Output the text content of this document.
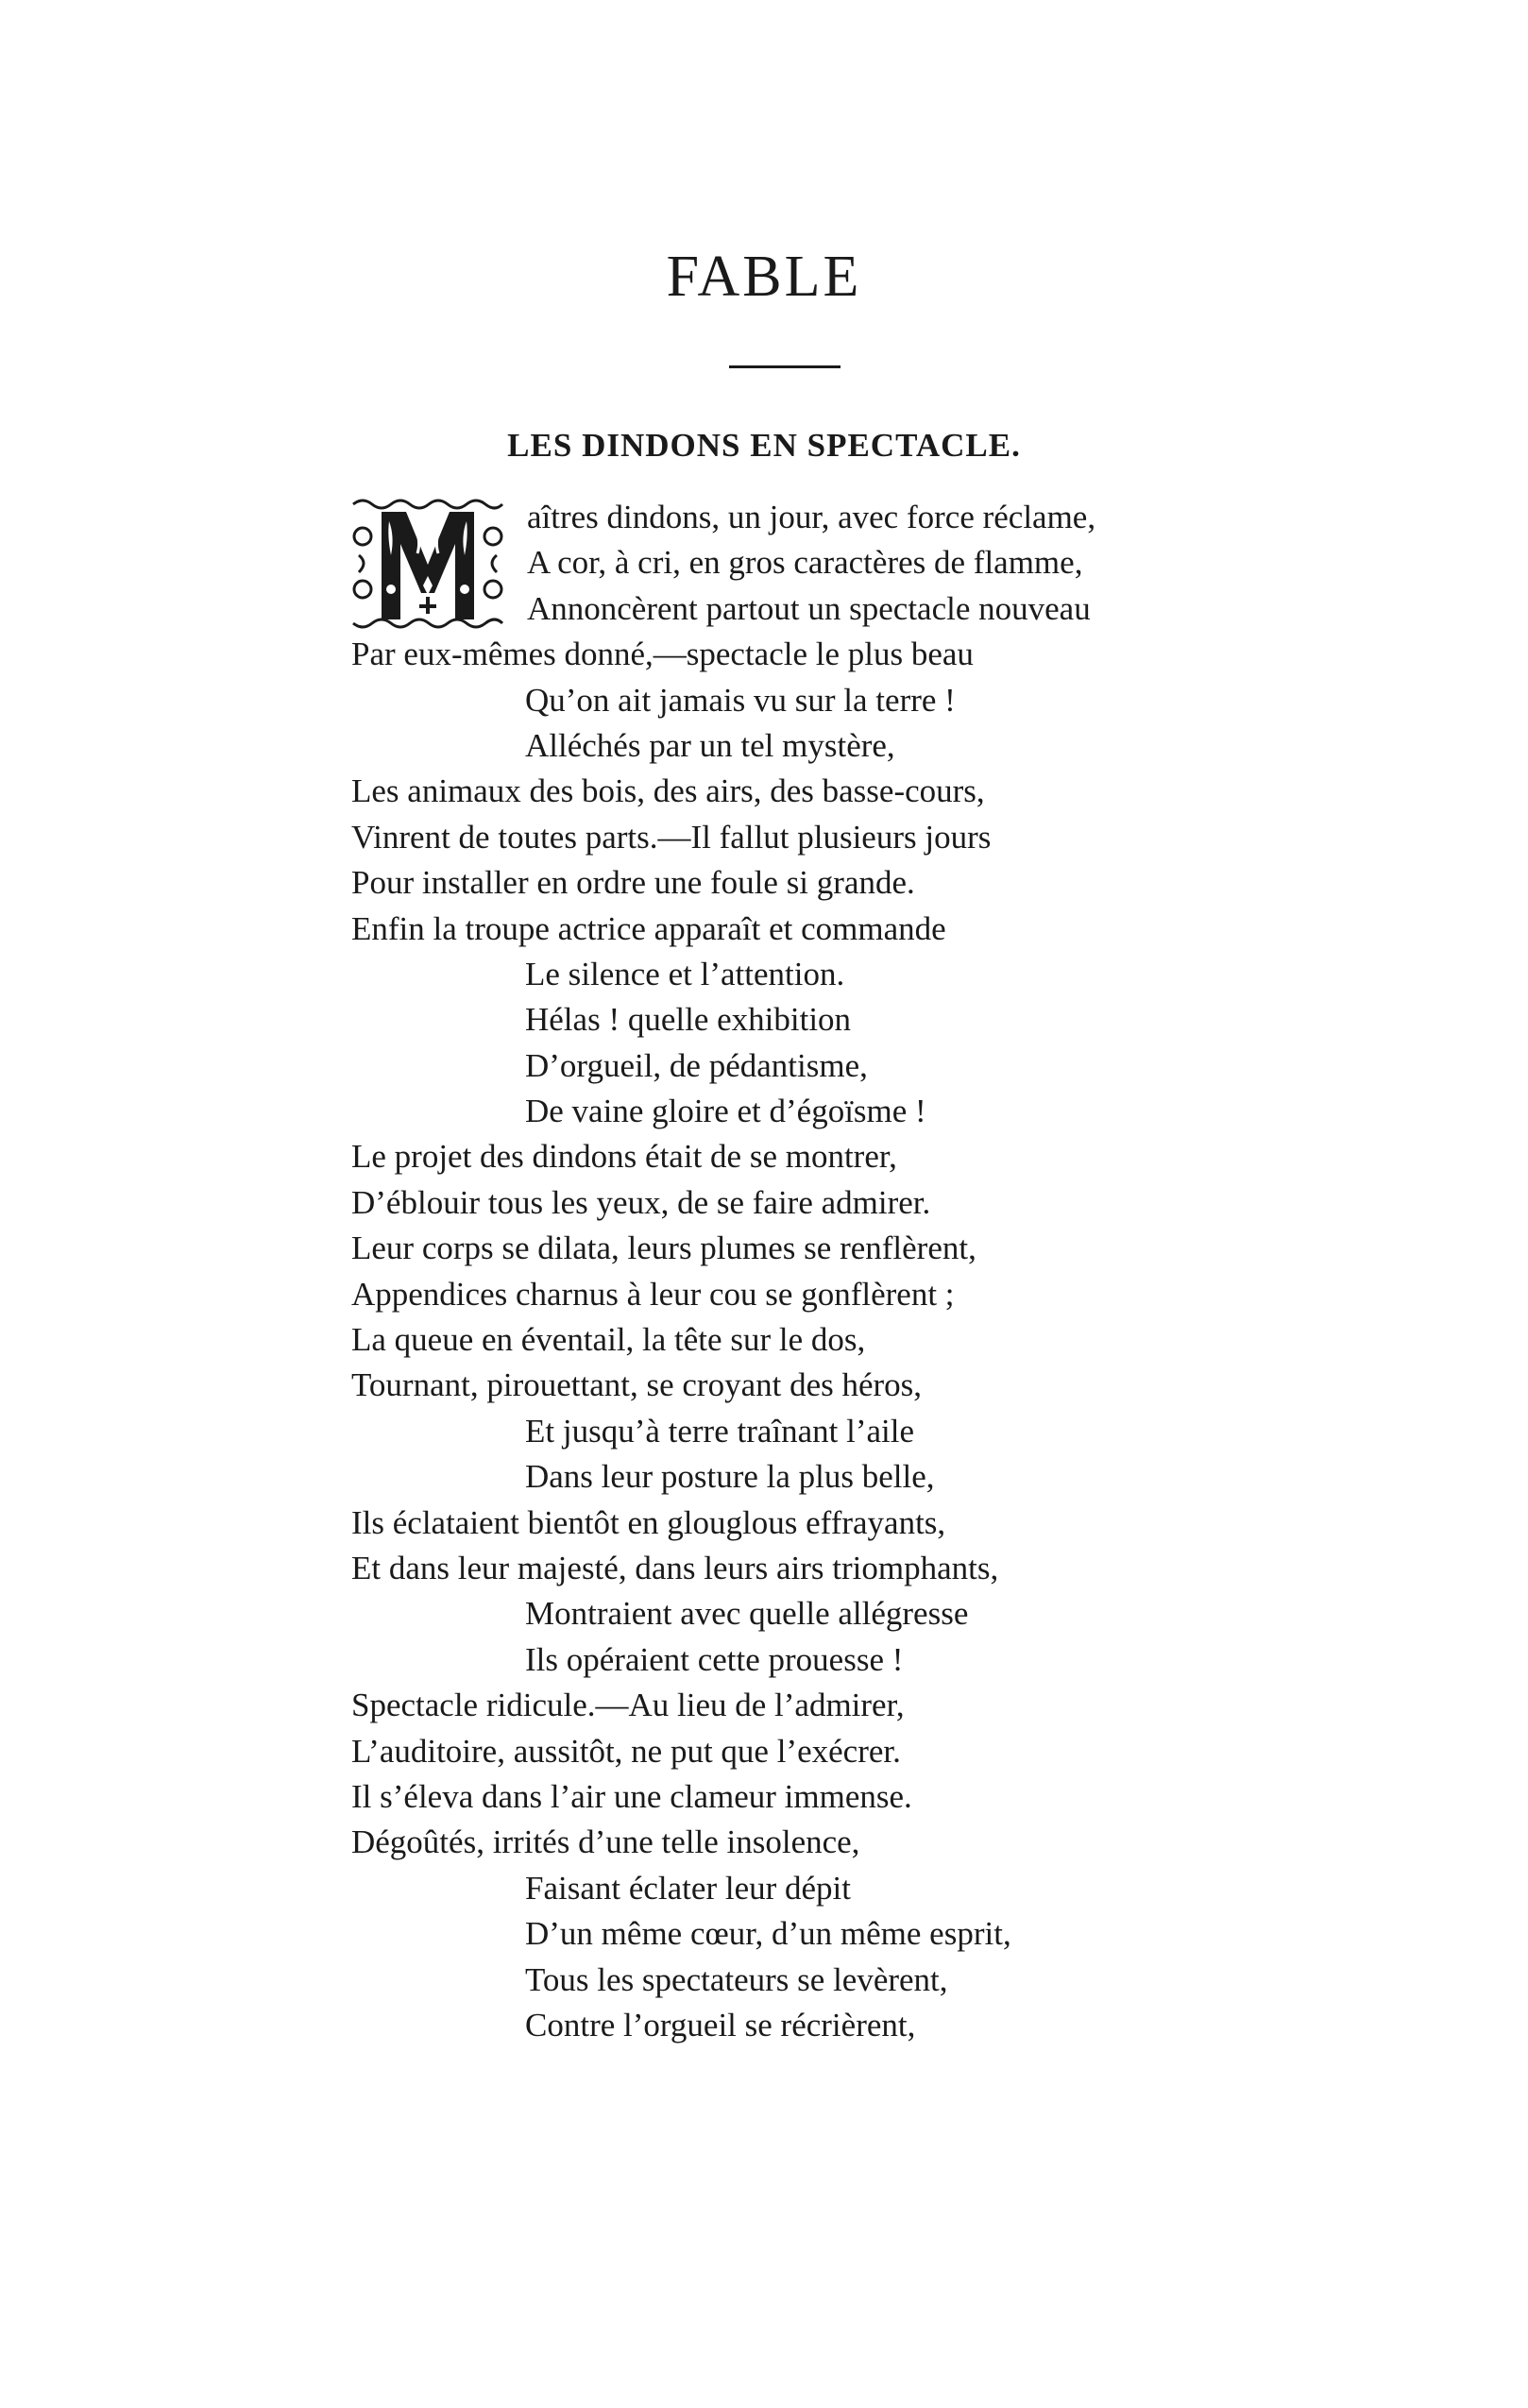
FABLE
LES DINDONS EN SPECTACLE.
aîtres dindons, un jour, avec force réclame,
A cor, à cri, en gros caractères de flamme,
Annoncèrent partout un spectacle nouveau
Par eux-mêmes donné,—spectacle le plus beau
Qu’on ait jamais vu sur la terre !
Alléchés par un tel mystère,
Les animaux des bois, des airs, des basse-cours,
Vinrent de toutes parts.—Il fallut plusieurs jours
Pour installer en ordre une foule si grande.
Enfin la troupe actrice apparaît et commande
Le silence et l’attention.
Hélas ! quelle exhibition
D’orgueil, de pédantisme,
De vaine gloire et d’égoïsme !
Le projet des dindons était de se montrer,
D’éblouir tous les yeux, de se faire admirer.
Leur corps se dilata, leurs plumes se renflèrent,
Appendices charnus à leur cou se gonflèrent ;
La queue en éventail, la tête sur le dos,
Tournant, pirouettant, se croyant des héros,
Et jusqu’à terre traînant l’aile
Dans leur posture la plus belle,
Ils éclataient bientôt en glouglous effrayants,
Et dans leur majesté, dans leurs airs triomphants,
Montraient avec quelle allégresse
Ils opéraient cette prouesse !
Spectacle ridicule.—Au lieu de l’admirer,
L’auditoire, aussitôt, ne put que l’exécrer.
Il s’éleva dans l’air une clameur immense.
Dégoûtés, irrités d’une telle insolence,
Faisant éclater leur dépit
D’un même cœur, d’un même esprit,
Tous les spectateurs se levèrent,
Contre l’orgueil se récrièrent,
